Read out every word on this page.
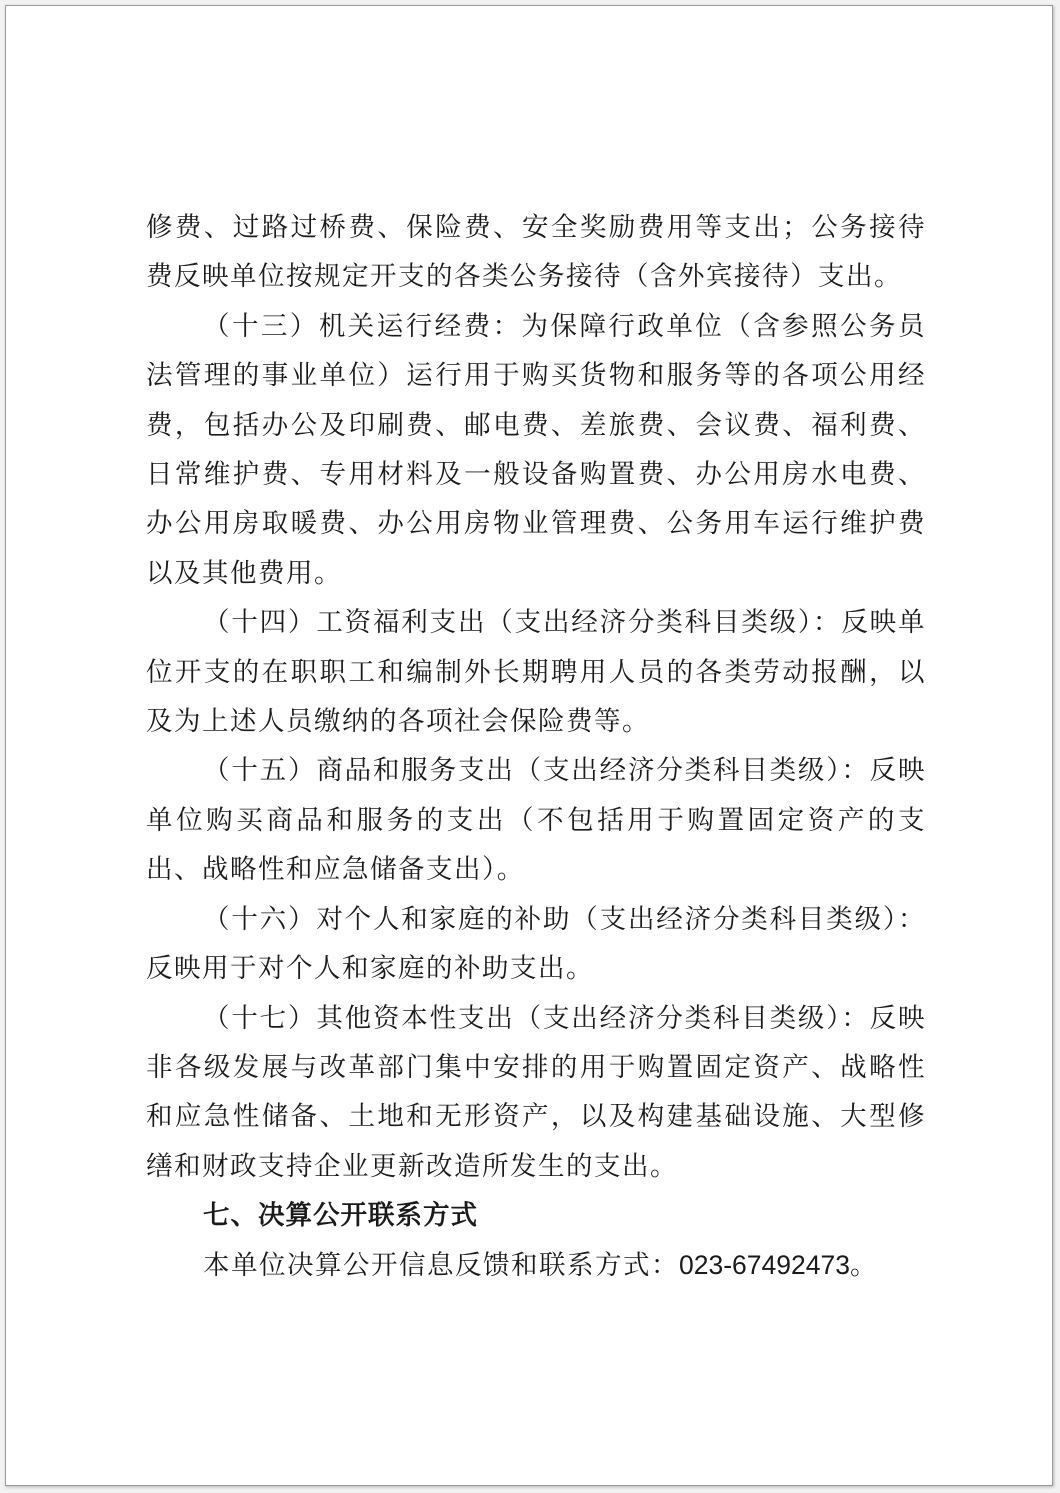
修费、过路过桥费、保险费、安全奖励费用等支出；公务接待费反映单位按规定开支的各类公务接待（含外宾接待）支出。

（十三）机关运行经费：为保障行政单位（含参照公务员法管理的事业单位）运行用于购买货物和服务等的各项公用经费，包括办公及印刷费、邮电费、差旅费、会议费、福利费、日常维护费、专用材料及一般设备购置费、办公用房水电费、办公用房取暖费、办公用房物业管理费、公务用车运行维护费以及其他费用。

（十四）工资福利支出（支出经济分类科目类级）：反映单位开支的在职职工和编制外长期聘用人员的各类劳动报酬，以及为上述人员缴纳的各项社会保险费等。

（十五）商品和服务支出（支出经济分类科目类级）：反映单位购买商品和服务的支出（不包括用于购置固定资产的支出、战略性和应急储备支出）。

（十六）对个人和家庭的补助（支出经济分类科目类级）：反映用于对个人和家庭的补助支出。

（十七）其他资本性支出（支出经济分类科目类级）：反映非各级发展与改革部门集中安排的用于购置固定资产、战略性和应急性储备、土地和无形资产，以及构建基础设施、大型修缮和财政支持企业更新改造所发生的支出。

七、决算公开联系方式

本单位决算公开信息反馈和联系方式：023-67492473。
